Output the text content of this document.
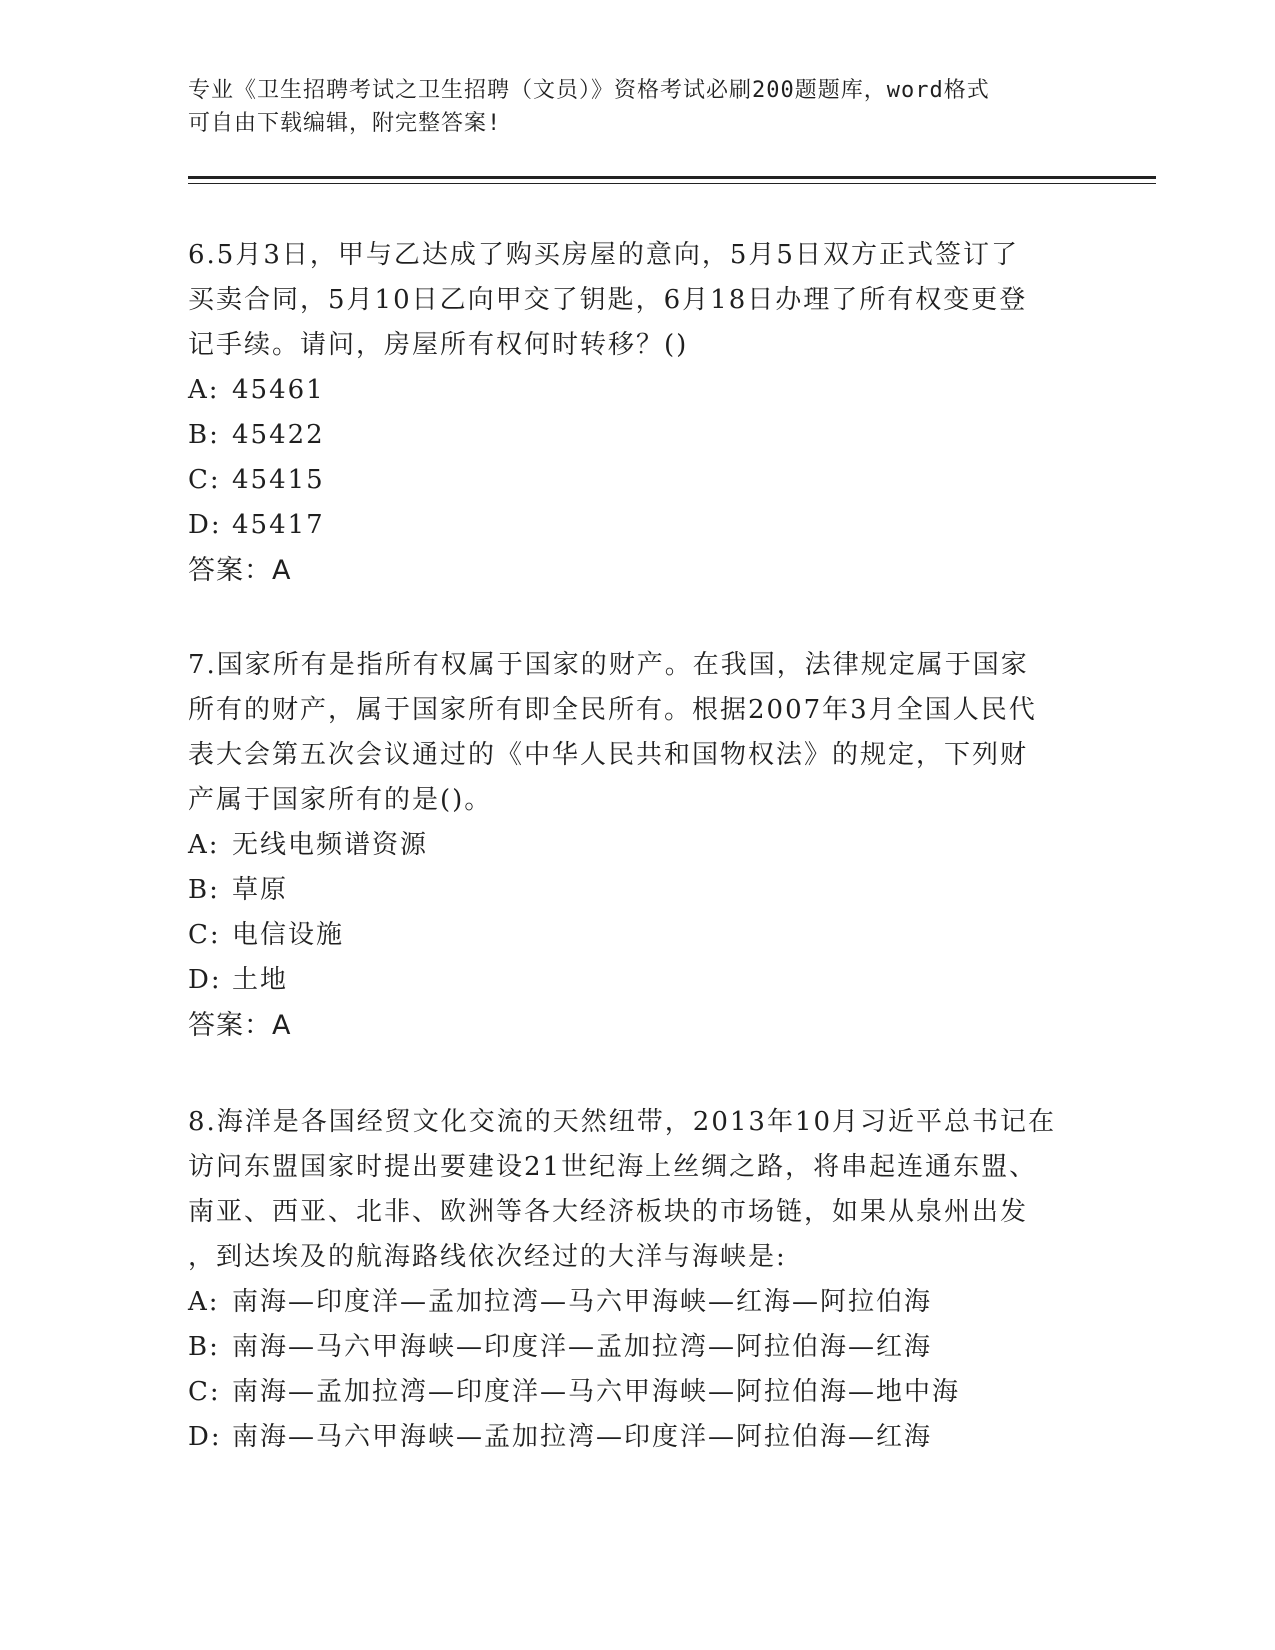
专业《卫生招聘考试之卫生招聘（文员）》资格考试必刷200题题库，word格式
可自由下载编辑，附完整答案!
6.5月3日，甲与乙达成了购买房屋的意向，5月5日双方正式签订了
买卖合同，5月10日乙向甲交了钥匙，6月18日办理了所有权变更登
记手续。请问，房屋所有权何时转移？()
A: 45461
B: 45422
C: 45415
D: 45417
答案：A
7.国家所有是指所有权属于国家的财产。在我国，法律规定属于国家
所有的财产，属于国家所有即全民所有。根据2007年3月全国人民代
表大会第五次会议通过的《中华人民共和国物权法》的规定，下列财
产属于国家所有的是()。
A: 无线电频谱资源
B: 草原
C: 电信设施
D: 土地
答案：A
8.海洋是各国经贸文化交流的天然纽带，2013年10月习近平总书记在
访问东盟国家时提出要建设21世纪海上丝绸之路，将串起连通东盟、
南亚、西亚、北非、欧洲等各大经济板块的市场链，如果从泉州出发
，到达埃及的航海路线依次经过的大洋与海峡是:
A: 南海—印度洋—孟加拉湾—马六甲海峡—红海—阿拉伯海
B: 南海—马六甲海峡—印度洋—孟加拉湾—阿拉伯海—红海
C: 南海—孟加拉湾—印度洋—马六甲海峡—阿拉伯海—地中海
D: 南海—马六甲海峡—孟加拉湾—印度洋—阿拉伯海—红海
